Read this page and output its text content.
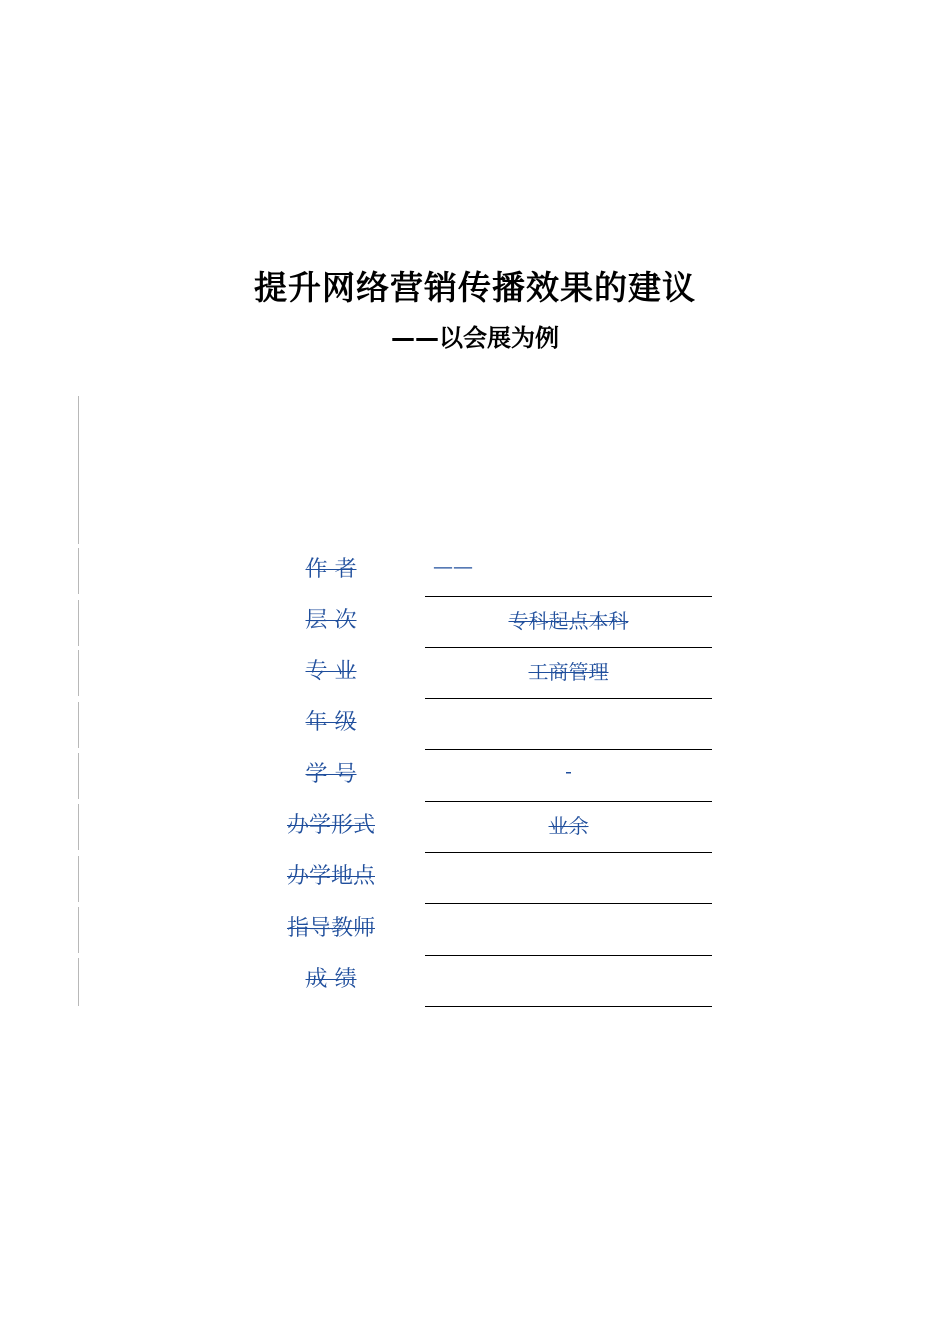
提升网络营销传播效果的建议
——以会展为例
作 者	——
层 次	专科起点本科
专 业	工商管理
年 级
学 号	-
办学形式	业余
办学地点
指导教师
成 绩
